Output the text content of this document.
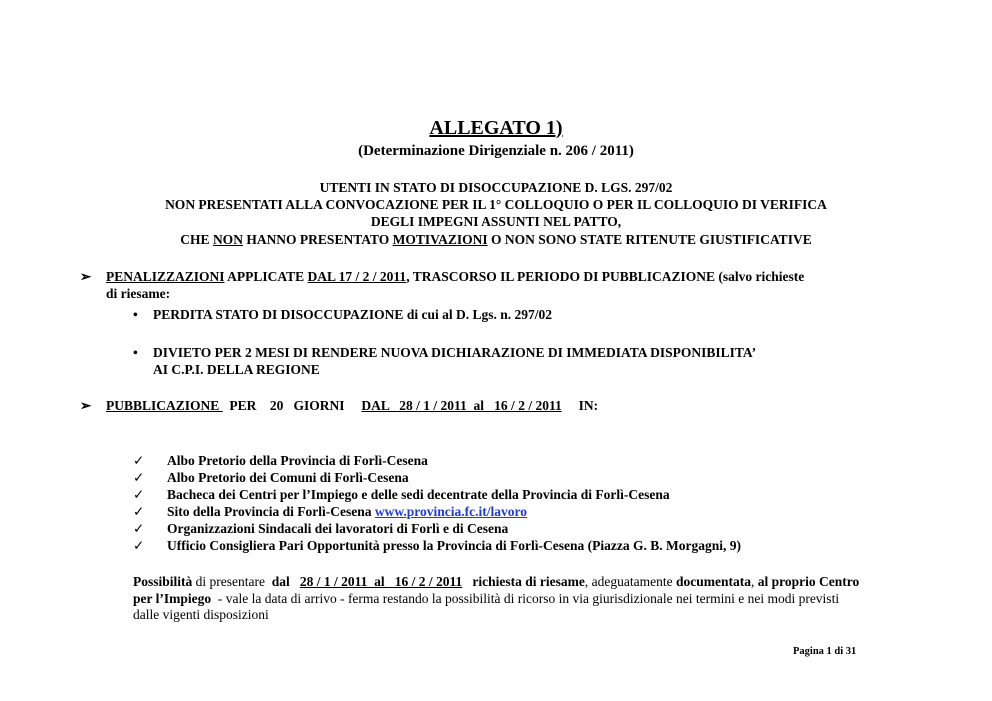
ALLEGATO 1)
(Determinazione Dirigenziale n. 206 / 2011)
UTENTI IN STATO DI DISOCCUPAZIONE D. LGS. 297/02
NON PRESENTATI ALLA CONVOCAZIONE PER IL 1° COLLOQUIO O PER IL COLLOQUIO DI VERIFICA
DEGLI IMPEGNI ASSUNTI NEL PATTO,
CHE NON HANNO PRESENTATO MOTIVAZIONI O NON SONO STATE RITENUTE GIUSTIFICATIVE
➢ PENALIZZAZIONI APPLICATE DAL 17 / 2 / 2011, TRASCORSO IL PERIODO DI PUBBLICAZIONE (salvo richieste
di riesame:
• PERDITA STATO DI DISOCCUPAZIONE di cui al D. Lgs. n. 297/02
• DIVIETO PER 2 MESI DI RENDERE NUOVA DICHIARAZIONE DI IMMEDIATA DISPONIBILITA’
AI C.P.I. DELLA REGIONE
➢ PUBBLICAZIONE   PER    20   GIORNI     DAL   28 / 1 / 2011  al   16 / 2 / 2011     IN:
✓ Albo Pretorio della Provincia di Forlì-Cesena
✓ Albo Pretorio dei Comuni di Forlì-Cesena
✓ Bacheca dei Centri per l’Impiego e delle sedi decentrate della Provincia di Forlì-Cesena
✓ Sito della Provincia di Forlì-Cesena www.provincia.fc.it/lavoro
✓ Organizzazioni Sindacali dei lavoratori di Forlì e di Cesena
✓ Ufficio Consigliera Pari Opportunità presso la Provincia di Forlì-Cesena (Piazza G. B. Morgagni, 9)
Possibilità di presentare  dal   28 / 1 / 2011  al   16 / 2 / 2011   richiesta di riesame, adeguatamente documentata, al proprio Centro per l’Impiego  - vale la data di arrivo - ferma restando la possibilità di ricorso in via giurisdizionale nei termini e nei modi previsti dalle vigenti disposizioni
Pagina 1 di 31
